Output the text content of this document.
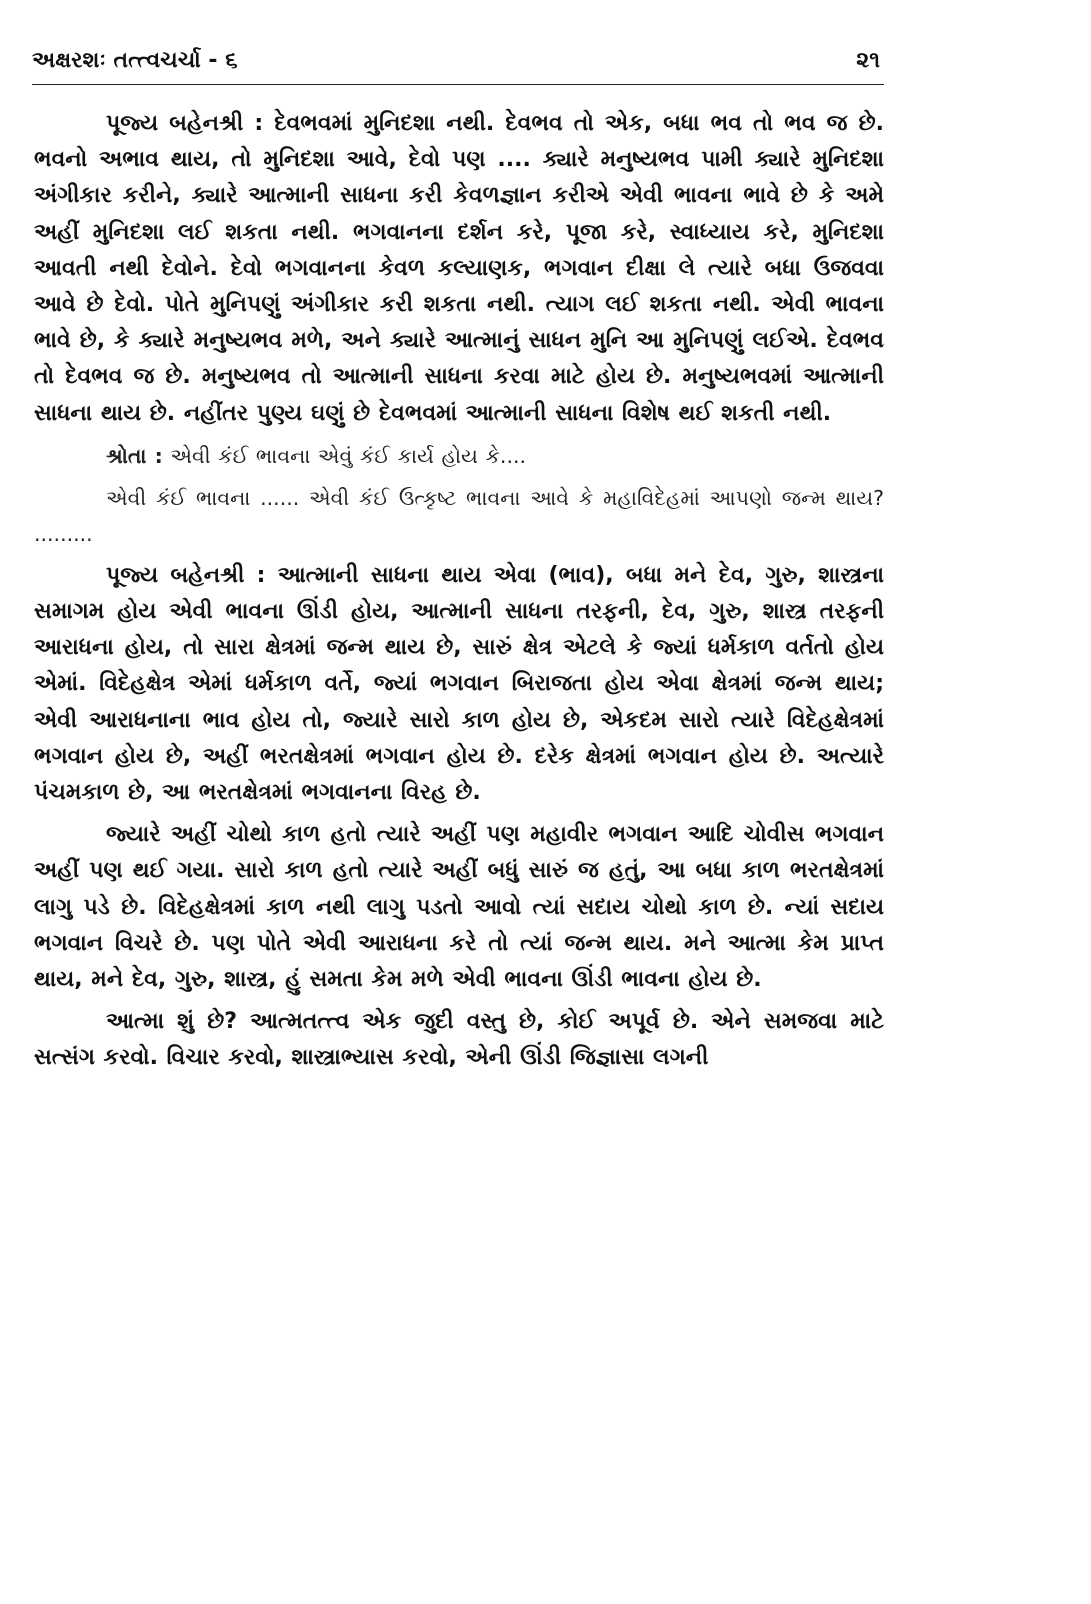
અક્ષરશઃ તત્ત્વચર્ચા - ૬	૨૧

પૂજ્ય બહેનશ્રી : દેવભવમાં મુનિદશા નથી. દેવભવ તો એક, બધા ભવ તો ભવ જ છે. ભવનો અભાવ થાય, તો મુનિદશા આવે, દેવો પણ .... ક્યારે મનુષ્યભવ પામી ક્યારે મુનિદશા અંગીકાર કરીને, ક્યારે આત્માની સાધના કરી કેવળજ્ઞાન કરીએ એવી ભાવના ભાવે છે કે અમે અહીં મુનિદશા લઈ શકતા નથી. ભગવાનના દર્શન કરે, પૂજા કરે, સ્વાધ્યાય કરે, મુનિદશા આવતી નથી દેવોને. દેવો ભગવાનના કેવળ કલ્યાણક, ભગવાન દીક્ષા લે ત્યારે બધા ઉજવવા આવે છે દેવો. પોતે મુનિપણું અંગીકાર કરી શકતા નથી. ત્યાગ લઈ શકતા નથી. એવી ભાવના ભાવે છે, કે ક્યારે મનુષ્યભવ મળે, અને ક્યારે આત્માનું સાધન મુનિ આ મુનિપણું લઈએ. દેવભવ તો દેવભવ જ છે. મનુષ્યભવ તો આત્માની સાધના કરવા માટે હોય છે. મનુષ્યભવમાં આત્માની સાધના થાય છે. નહીંતર પુણ્ય ઘણું છે દેવભવમાં આત્માની સાધના વિશેષ થઈ શકતી નથી.

શ્રોતા : એવી કંઈ ભાવના એવું કંઈ કાર્ય હોય કે....

એવી કંઈ ભાવના ...... એવી કંઈ ઉત્કૃષ્ટ ભાવના આવે કે મહાવિદેહમાં આપણો જન્મ થાય? .........

પૂજ્ય બહેનશ્રી : આત્માની સાધના થાય એવા (ભાવ), બધા મને દેવ, ગુરુ, શાસ્ત્રના સમાગમ હોય એવી ભાવના ઊંડી હોય, આત્માની સાધના તરફની, દેવ, ગુરુ, શાસ્ત્ર તરફની આરાધના હોય, તો સારા ક્ષેત્રમાં જન્મ થાય છે, સારું ક્ષેત્ર એટલે કે જ્યાં ધર્મકાળ વર્તતો હોય એમાં. વિદેહક્ષેત્ર એમાં ધર્મકાળ વર્તે, જ્યાં ભગવાન બિરાજતા હોય એવા ક્ષેત્રમાં જન્મ થાય; એવી આરાધનાના ભાવ હોય તો, જ્યારે સારો કાળ હોય છે, એકદમ સારો ત્યારે વિદેહક્ષેત્રમાં ભગવાન હોય છે, અહીં ભરતક્ષેત્રમાં ભગવાન હોય છે. દરેક ક્ષેત્રમાં ભગવાન હોય છે. અત્યારે પંચમકાળ છે, આ ભરતક્ષેત્રમાં ભગવાનના વિરહ છે.

જ્યારે અહીં ચોથો કાળ હતો ત્યારે અહીં પણ મહાવીર ભગવાન આદિ ચોવીસ ભગવાન અહીં પણ થઈ ગયા. સારો કાળ હતો ત્યારે અહીં બધું સારું જ હતું, આ બધા કાળ ભરતક્ષેત્રમાં લાગુ પડે છે. વિદેહક્ષેત્રમાં કાળ નથી લાગુ પડતો આવો ત્યાં સદાય ચોથો કાળ છે. ન્યાં સદાય ભગવાન વિચરે છે. પણ પોતે એવી આરાધના કરે તો ત્યાં જન્મ થાય. મને આત્મા કેમ પ્રાપ્ત થાય, મને દેવ, ગુરુ, શાસ્ત્ર, હું સમતા કેમ મળે એવી ભાવના ઊંડી ભાવના હોય છે.

આત્મા શું છે? આત્મતત્ત્વ એક જુદી વસ્તુ છે, કોઈ અપૂર્વ છે. એને સમજવા માટે સત્સંગ કરવો. વિચાર કરવો, શાસ્ત્રાભ્યાસ કરવો, એની ઊંડી જિજ્ઞાસા લગની
